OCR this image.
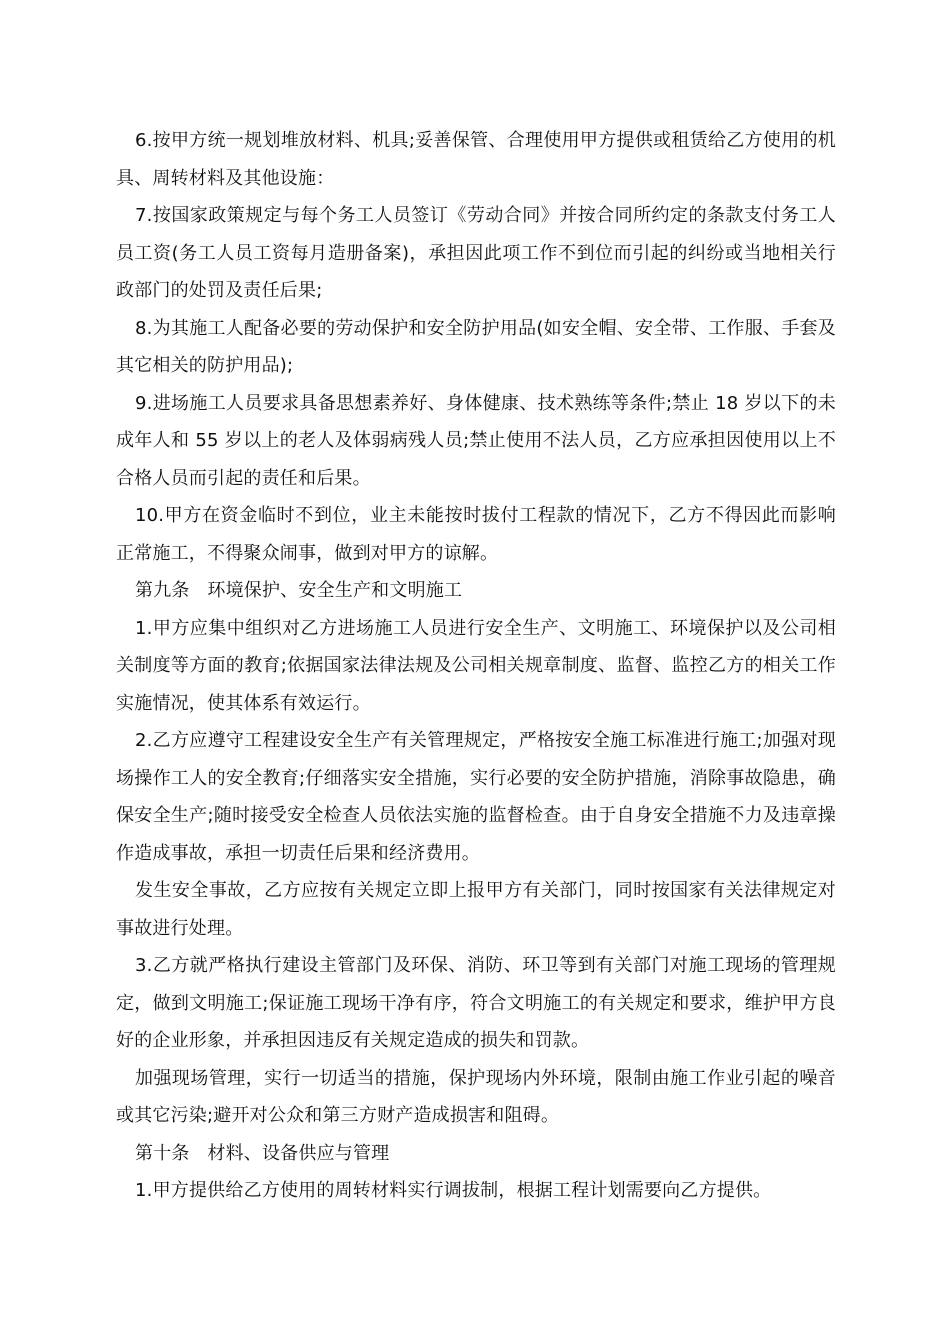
6.按甲方统一规划堆放材料、机具;妥善保管、合理使用甲方提供或租赁给乙方使用的机具、周转材料及其他设施：

7.按国家政策规定与每个务工人员签订《劳动合同》并按合同所约定的条款支付务工人员工资(务工人员工资每月造册备案)，承担因此项工作不到位而引起的纠纷或当地相关行政部门的处罚及责任后果;

8.为其施工人配备必要的劳动保护和安全防护用品(如安全帽、安全带、工作服、手套及其它相关的防护用品);

9.进场施工人员要求具备思想素养好、身体健康、技术熟练等条件;禁止 18 岁以下的未成年人和 55 岁以上的老人及体弱病残人员;禁止使用不法人员，乙方应承担因使用以上不合格人员而引起的责任和后果。

10.甲方在资金临时不到位，业主未能按时拔付工程款的情况下，乙方不得因此而影响正常施工，不得聚众闹事，做到对甲方的谅解。

第九条   环境保护、安全生产和文明施工

1.甲方应集中组织对乙方进场施工人员进行安全生产、文明施工、环境保护以及公司相关制度等方面的教育;依据国家法律法规及公司相关规章制度、监督、监控乙方的相关工作实施情况，使其体系有效运行。

2.乙方应遵守工程建设安全生产有关管理规定，严格按安全施工标准进行施工;加强对现场操作工人的安全教育;仔细落实安全措施，实行必要的安全防护措施，消除事故隐患，确保安全生产;随时接受安全检查人员依法实施的监督检查。由于自身安全措施不力及违章操作造成事故，承担一切责任后果和经济费用。

发生安全事故，乙方应按有关规定立即上报甲方有关部门，同时按国家有关法律规定对事故进行处理。

3.乙方就严格执行建设主管部门及环保、消防、环卫等到有关部门对施工现场的管理规定，做到文明施工;保证施工现场干净有序，符合文明施工的有关规定和要求，维护甲方良好的企业形象，并承担因违反有关规定造成的损失和罚款。

加强现场管理，实行一切适当的措施，保护现场内外环境，限制由施工作业引起的噪音或其它污染;避开对公众和第三方财产造成损害和阻碍。

第十条   材料、设备供应与管理

1.甲方提供给乙方使用的周转材料实行调拔制，根据工程计划需要向乙方提供。
